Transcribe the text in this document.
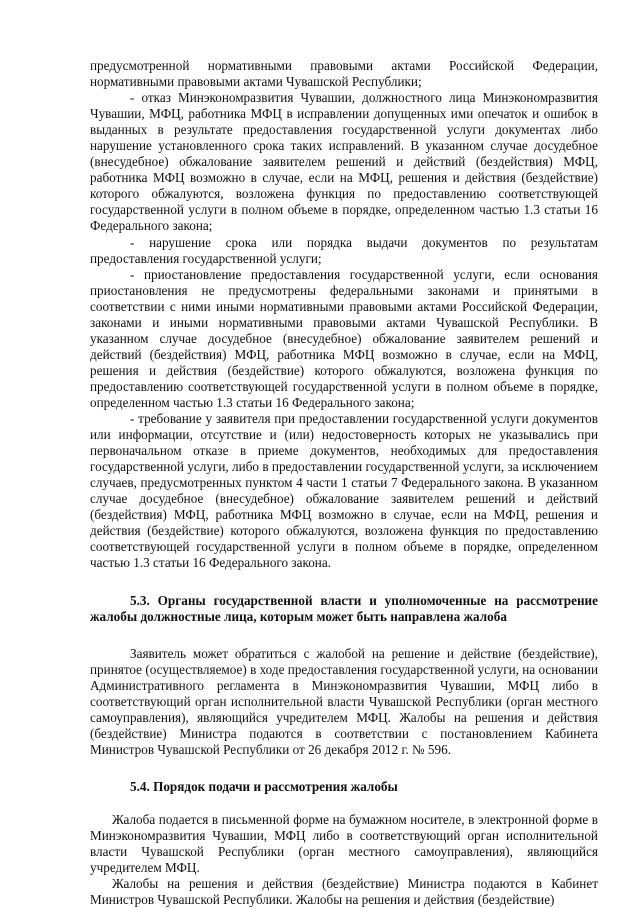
предусмотренной нормативными правовыми актами Российской Федерации, нормативными правовыми актами Чувашской Республики;

- отказ Минэкономразвития Чувашии, должностного лица Минэкономразвития Чувашии, МФЦ, работника МФЦ в исправлении допущенных ими опечаток и ошибок в выданных в результате предоставления государственной услуги документах либо нарушение установленного срока таких исправлений. В указанном случае досудебное (внесудебное) обжалование заявителем решений и действий (бездействия) МФЦ, работника МФЦ возможно в случае, если на МФЦ, решения и действия (бездействие) которого обжалуются, возложена функция по предоставлению соответствующей государственной услуги в полном объеме в порядке, определенном частью 1.3 статьи 16 Федерального закона;

- нарушение срока или порядка выдачи документов по результатам предоставления государственной услуги;

- приостановление предоставления государственной услуги, если основания приостановления не предусмотрены федеральными законами и принятыми в соответствии с ними иными нормативными правовыми актами Российской Федерации, законами и иными нормативными правовыми актами Чувашской Республики. В указанном случае досудебное (внесудебное) обжалование заявителем решений и действий (бездействия) МФЦ, работника МФЦ возможно в случае, если на МФЦ, решения и действия (бездействие) которого обжалуются, возложена функция по предоставлению соответствующей государственной услуги в полном объеме в порядке, определенном частью 1.3 статьи 16 Федерального закона;

- требование у заявителя при предоставлении государственной услуги документов или информации, отсутствие и (или) недостоверность которых не указывались при первоначальном отказе в приеме документов, необходимых для предоставления государственной услуги, либо в предоставлении государственной услуги, за исключением случаев, предусмотренных пунктом 4 части 1 статьи 7 Федерального закона. В указанном случае досудебное (внесудебное) обжалование заявителем решений и действий (бездействия) МФЦ, работника МФЦ возможно в случае, если на МФЦ, решения и действия (бездействие) которого обжалуются, возложена функция по предоставлению соответствующей государственной услуги в полном объеме в порядке, определенном частью 1.3 статьи 16 Федерального закона.

5.3. Органы государственной власти и уполномоченные на рассмотрение жалобы должностные лица, которым может быть направлена жалоба

Заявитель может обратиться с жалобой на решение и действие (бездействие), принятое (осуществляемое) в ходе предоставления государственной услуги, на основании Административного регламента в Минэкономразвития Чувашии, МФЦ либо в соответствующий орган исполнительной власти Чувашской Республики (орган местного самоуправления), являющийся учредителем МФЦ. Жалобы на решения и действия (бездействие) Министра подаются в соответствии с постановлением Кабинета Министров Чувашской Республики от 26 декабря 2012 г. № 596.

5.4. Порядок подачи и рассмотрения жалобы

Жалоба подается в письменной форме на бумажном носителе, в электронной форме в Минэкономразвития Чувашии, МФЦ либо в соответствующий орган исполнительной власти Чувашской Республики (орган местного самоуправления), являющийся учредителем МФЦ.

Жалобы на решения и действия (бездействие) Министра подаются в Кабинет Министров Чувашской Республики. Жалобы на решения и действия (бездействие)
